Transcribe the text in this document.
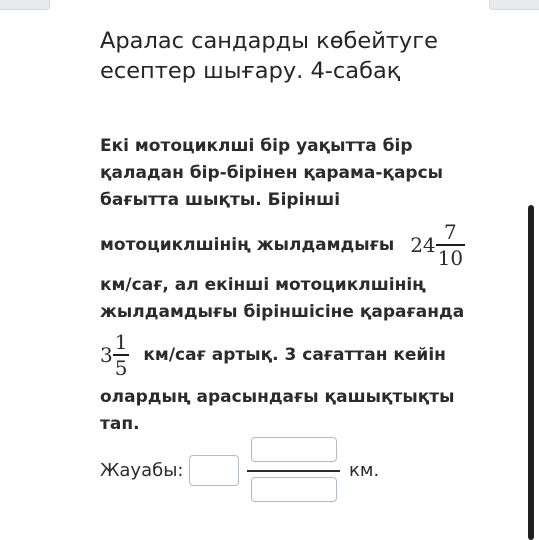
Аралас сандарды көбейтуге
есептер шығару. 4-сабақ
Екі мотоциклші бір уақытта бір
қаладан бір-бірінен қарама-қарсы
бағытта шықты. Бірінші
мотоциклшінің жылдамдығы $24 \frac{7}{10}$
км/сағ, ал екінші мотоциклшінің
жылдамдығы біріншісіне қарағанда
$3 \frac{1}{5} км/сағ$ артық. 3 сағаттан кейін
олардың арасындағы қашықтықты
тап.
Жауабы:	км.
